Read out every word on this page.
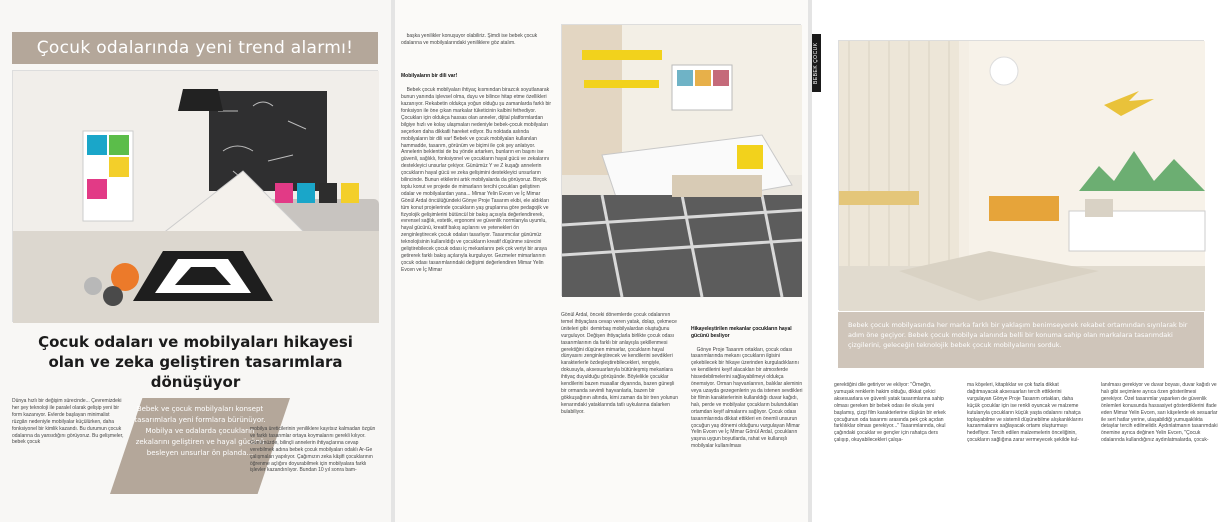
Çocuk odalarında yeni trend alarmı!
Çocuk odaları ve mobilyaları hikayesi olan ve zeka geliştiren tasarımlara dönüşüyor
Dünya hızlı bir değişim sürecinde... Çevremizdeki her şey teknoloji ile paralel olarak gelişip yeni bir form kazanıyor. Evlerde başlayan minimalist rüzgârı nedeniyle mobilyalar küçülürken, daha fonksiyonel bir kimlik kazandı. Bu durumun çocuk odalarına da yansıdığını görüyoruz. Bu gelişmeler, bebek çocuk
Bebek ve çocuk mobilyaları konsept tasarımlarla yeni formlara bürünüyor. Mobilya ve odalarda çocukların zekalarını geliştiren ve hayal gücünü besleyen unsurlar ön planda...
mobilya üreticilerinin yeniliklere kayıtsız kalmadan özgün ve farklı tasarımlar ortaya koymalarını gerekli kılıyor. Günümüzde, bilinçli annelerin ihtiyaçlarına cevap verebilmek adına bebek çocuk mobilyaları odaklı Ar-Ge çalışmaları yapılıyor. Çağımızın zeka kâşifi çocuklarının öğrenme açlığını doyurabilmek için mobilyalara farklı işlevler kazandırılıyor. Bundan 10 yıl sonra bam-

başka yenilikler konuşuyor olabiliriz. Şimdi ise bebek çocuk odalarına ve mobilyalarındaki yeniliklere göz atalım.

Mobilyaların bir dili var!

Bebek çocuk mobilyaları ihtiyaç kısmından birazcık soyutlanarak bunun yanında işlevsel olma, duyu ve bilince hitap etme özellikleri kazanıyor. Rekabetin oldukça yoğun olduğu şu zamanlarda farklı bir fonksiyon ile öne çıkan markalar tüketicinin kalbini fethediyor. Çocukları için oldukça hassas olan anneler, dijital platformlardan bilgiye hızlı ve kolay ulaşmaları nedeniyle bebek-çocuk mobilyaları seçerken daha dikkatli hareket ediyor. Bu noktada aslında mobilyaların bir dili var! Bebek ve çocuk mobilyaları kullanılan hammadde, tasarım, görünüm ve biçimi ile çok şey anlatıyor. Annelerin beklentisi de bu yönde artarken, bunların en başını ise güvenli, sağlıklı, fonksiyonel ve çocukların hayal gücü ve zekalarını destekleyici unsurlar çekiyor. Günümüz Y ve Z kuşağı annelerin çocukların hayal gücü ve zeka gelişimini destekleyici unsurların bilincinde. Bunun etkilerini artık mobilyalarda da görüyoruz. Birçok toplu konut ve projede de mimarların tercihi çocukları geliştiren odalar ve mobilyalardan yana... Mimar Yelin Evcen ve İç Mimar Gönül Ardal öncülüğündeki Gönye Proje Tasarım ekibi, ele aldıkları tüm konut projelerinde çocukların yaş gruplarına göre pedagojik ve fizyolojik gelişimlerini bütüncül bir bakış açısıyla değerlendirerek, evrensel sağlık, estetik, ergonomi ve güvenlik normlarıyla uyumlu, hayal gücünü, kreatif bakış açılarını ve yetenekleri ön zenginleştirecek çocuk odaları tasarlıyor. Tasarımcılar günümüz teknolojisinin kullanıldığı ve çocukların kreatif düşünme sürecini geliştirebilecek çocuk odası iç mekanlarını pek çok veriyi bir araya getirerek farklı bakış açılarıyla kurguluyor. Gezmeler mimarlarının çocuk odası tasarımlarındaki değişimi değerlendiren Mimar Yelin Evcen ve İç Mimar

Gönül Ardal, önceki dönemlerde çocuk odalarının temel ihtiyaçlara cevap veren yatak, dolap, çekmece üniteleri gibi  demirbaş mobilyalardan oluştuğunu vurguluyor. Değişen ihtiyaçlarla birlikte çocuk odası tasarımlarının da farklı bir anlayışla şekillenmesi gerektiğini düşünen mimarlar, çocukların hayal dünyasını zenginleştirecek ve kendilerini sevdikleri karakterlerle özdeşleştirebilecekleri, rengiyle, dokusuyla, aksesuarlarıyla bütünleşmiş mekanlara ihtiyaç duyulduğu görüşünde. Böylelikle çocuklar kendilerini bazen masallar diyarında, bazen güneşli bir ormanda sevimli hayvanlarla, bazen bir gökkuşağının altında, kimi zaman da bir tren yolunun kenarındaki yataklarında tatlı uykularına dalarken bulabiliyor.

Hikayeleştirilen mekanlar çocukların hayal gücünü besliyor

Gönye Proje Tasarım ortakları, çocuk odası tasarımlarında mekanı çocukların ilgisini çekebilecek bir hikaye üzerinden kurguladıklarını ve kendilerini keyif alacakları bir atmosferde hissedebilmelerini sağlayabilmeyi oldukça önemsiyor. Orman hayvanlarının, balıklar aleminin veya uzayda gezegenlerin ya da istenen sevdikleri bir filmin karakterlerinin kullanıldığı duvar kağıdı, halı, perde ve mobilyalar çocukların bulundukları ortamdan keyif almalarını sağlıyor. Çocuk odası tasarımlarında dikkat ettikleri en önemli unsurun çocuğun yaş dönemi olduğunu vurgulayan Mimar Yelin Evcen ve İç Mimar Gönül Ardal, çocukların yaşına uygun boyutlarda, rahat ve kullanışlı mobilyalar kullanılması

gerektiğini dile getiriyor ve ekliyor: "Örneğin, yumuşak renklerin hakim olduğu, dikkat çekici aksesuarlara ve güvenli yatak tasarımlarına sahip olması gereken bir bebek odası ile okula yeni başlamış, çizgi film karakterlerine düşkün bir erkek çocuğunun oda tasarımı arasında pek çok açıdan farklılıklar olması gerekiyor..." Tasarımlarında, okul çağındaki çocuklar ve gençler için rahatça ders çalışıp, okuyabilecekleri çalışa-
ma köşeleri, kitaplıklar ve çok fazla dikkat dağıtmayacak aksesuarları tercih ettiklerini vurgulayan Gönye Proje Tasarım ortakları, daha küçük çocuklar için ise renkli oyuncak ve malzeme kutularıyla çocukların küçük yaşta odalarını rahatça toplayabilme ve sistemli düşünebilme alışkanlıklarını kazanmalarını sağlayacak ortamı oluşturmayı hedefliyor. Tercih edilen malzemelerin önceliğinin, çocukların sağlığına zarar vermeyecek şekilde kul-
lanılması gerekiyor ve duvar boyası, duvar kağıdı ve halı gibi seçimlere ayrıca özen gösterilmesi gerekiyor. Özel tasarımlar yaparken de güvenlik önlemleri konusunda hassasiyet gösterdiklerini ifade eden Mimar Yelin Evcen, sarı kâşelerde ek sesuarlar ile sert hatlar yerine, ulaşabildiği yumuşaklıkta detaylar tercih edilmelidir. Aydınlatmanın tasarımdaki önemine ayrıca değinen Yelin Evcen, "Çocuk odalarında kullandığınız aydınlatmalarda, çocuk-
Bebek çocuk mobilyasında her marka farklı bir yaklaşım benimseyerek rekabet ortamından sıyrılarak bir adım öne geçiyor. Bebek çocuk mobilya alanında belli bir konuma sahip olan markalara tasarımdaki çizgilerini, geleceğin teknolojik bebek çocuk mobilyalarını sorduk.
BEBEK ÇOCUK
